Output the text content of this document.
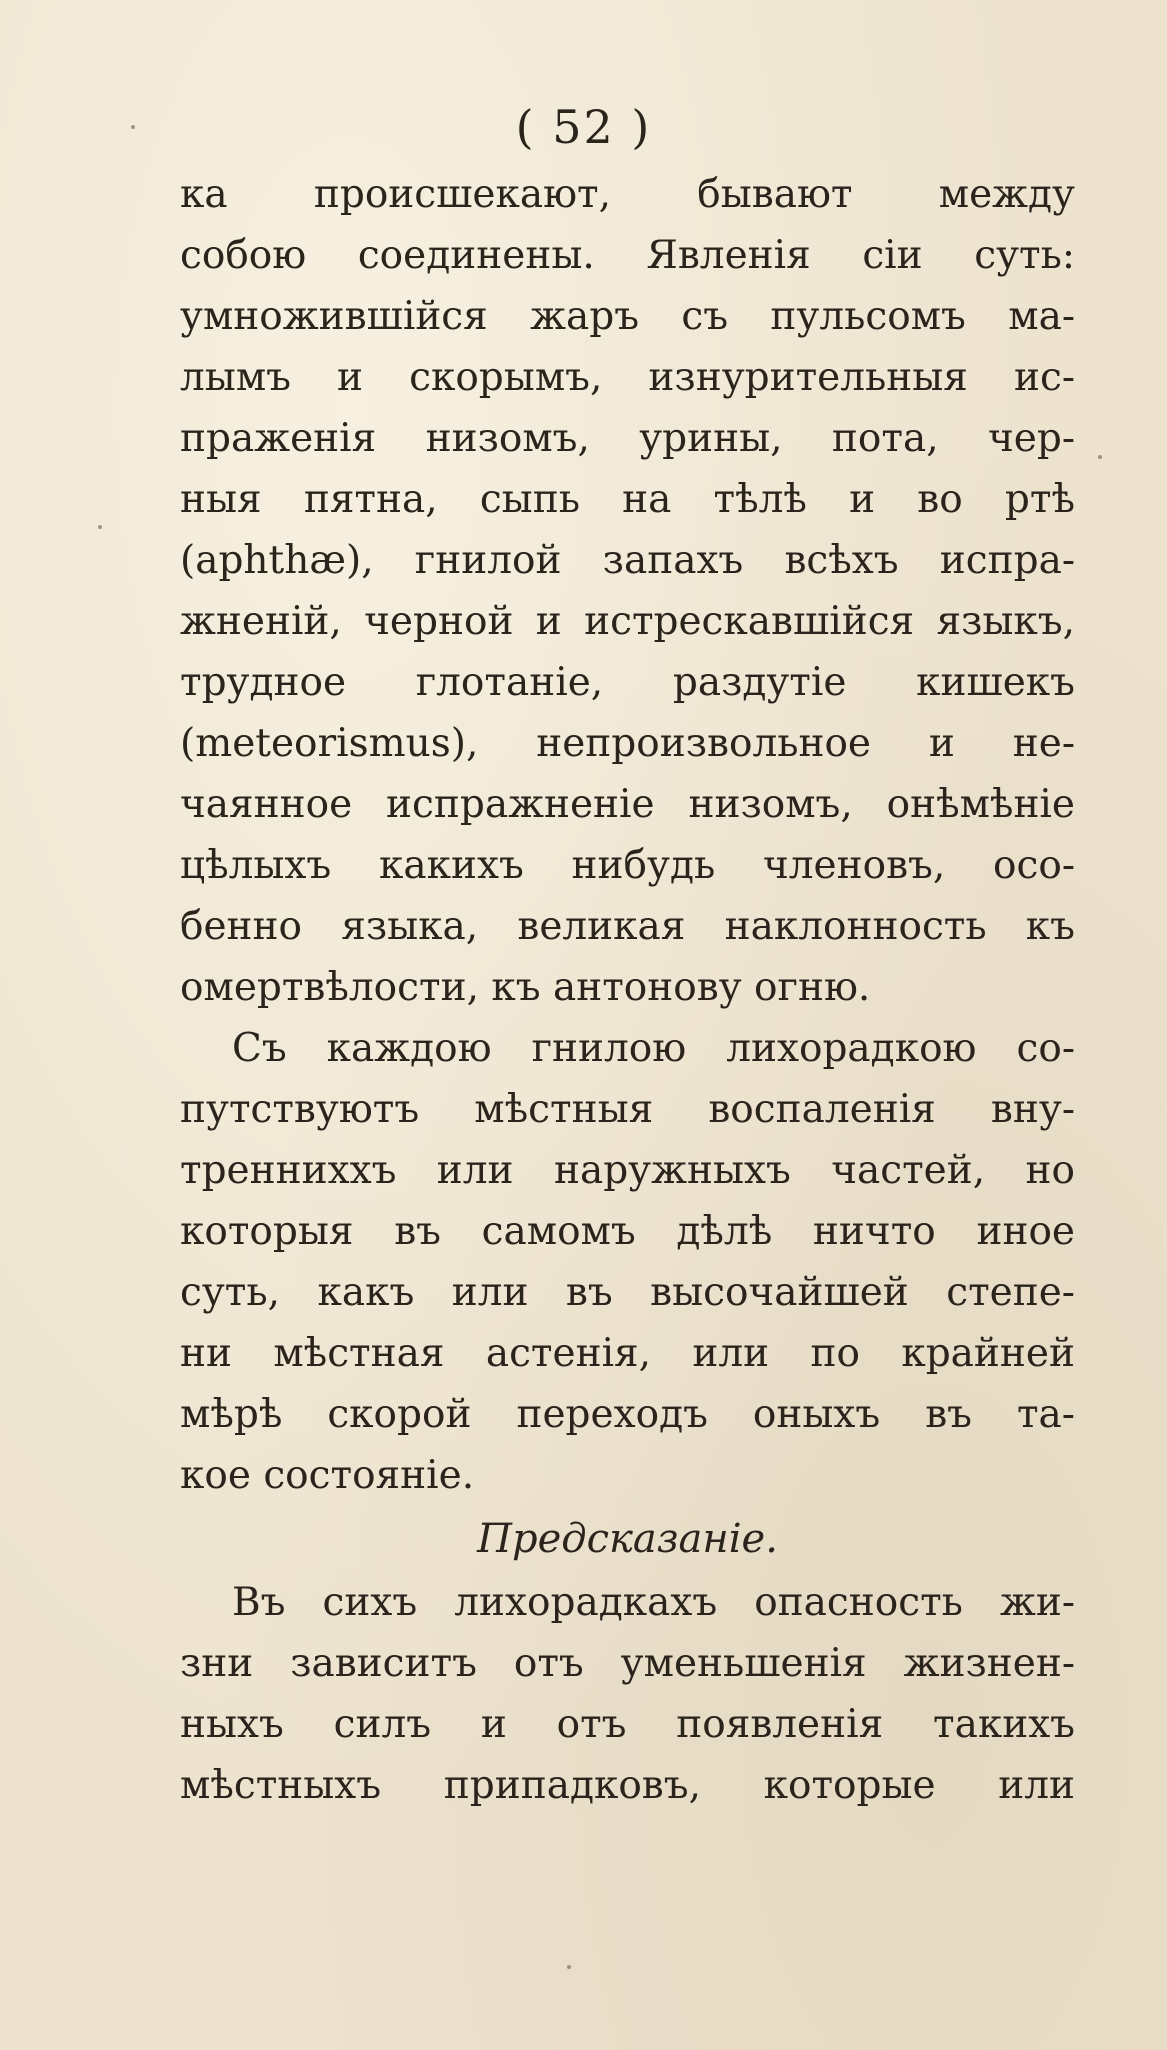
( 52 )
ка происшекают, бывают между
собою соединены. Явленія сіи суть:
умножившійся жаръ съ пульсомъ ма-
лымъ и скорымъ, изнурительныя ис-
праженія низомъ, урины, пота, чер-
ныя пятна, сыпь на тѣлѣ и во ртѣ
(aphthæ), гнилой запахъ всѣхъ испра-
жненій, черной и истрескавшійся языкъ,
трудное глотаніе, раздутіе кишекъ
(meteorismus), непроизвольное и не-
чаянное испражненіе низомъ, онѣмѣніе
цѣлыхъ какихъ нибудь членовъ, осо-
бенно языка, великая наклонность къ
омертвѣлости, къ антонову огню.
Съ каждою гнилою лихорадкою со-
путствуютъ мѣстныя воспаленія вну-
тренниххъ или наружныхъ частей, но
которыя въ самомъ дѣлѣ ничто иное
суть, какъ или въ высочайшей степе-
ни мѣстная астенія, или по крайней
мѣрѣ скорой переходъ оныхъ въ та-
кое состояніе.
Предсказаніе.
Въ сихъ лихорадкахъ опасность жи-
зни зависитъ отъ уменьшенія жизнен-
ныхъ силъ и отъ появленія такихъ
мѣстныхъ припадковъ, которые или
